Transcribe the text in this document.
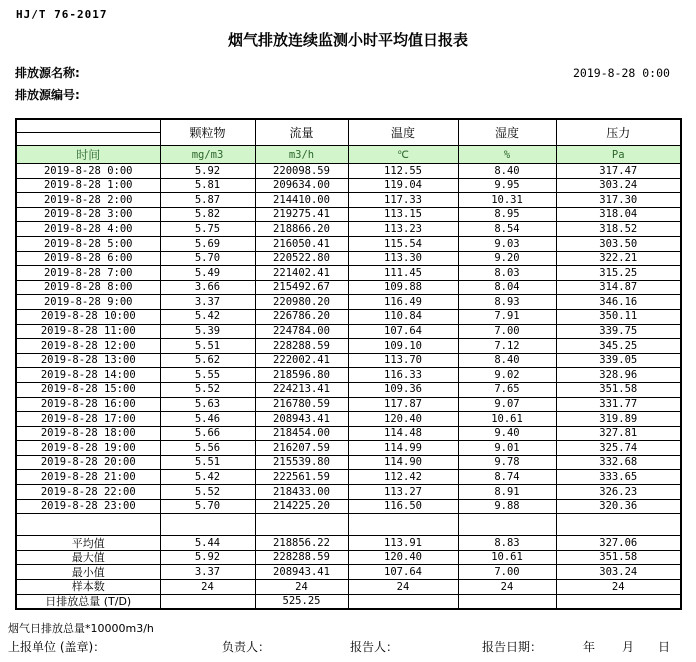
HJ/T 76-2017
烟气排放连续监测小时平均值日报表
排放源名称:	2019-8-28 0:00
排放源编号:
	颗粒物	流量	温度	湿度	压力

时间	mg/m3	m3/h	℃	%	Pa
2019-8-28 0:00	5.92	220098.59	112.55	8.40	317.47
2019-8-28 1:00	5.81	209634.00	119.04	9.95	303.24
2019-8-28 2:00	5.87	214410.00	117.33	10.31	317.30
2019-8-28 3:00	5.82	219275.41	113.15	8.95	318.04
2019-8-28 4:00	5.75	218866.20	113.23	8.54	318.52
2019-8-28 5:00	5.69	216050.41	115.54	9.03	303.50
2019-8-28 6:00	5.70	220522.80	113.30	9.20	322.21
2019-8-28 7:00	5.49	221402.41	111.45	8.03	315.25
2019-8-28 8:00	3.66	215492.67	109.88	8.04	314.87
2019-8-28 9:00	3.37	220980.20	116.49	8.93	346.16
2019-8-28 10:00	5.42	226786.20	110.84	7.91	350.11
2019-8-28 11:00	5.39	224784.00	107.64	7.00	339.75
2019-8-28 12:00	5.51	228288.59	109.10	7.12	345.25
2019-8-28 13:00	5.62	222002.41	113.70	8.40	339.05
2019-8-28 14:00	5.55	218596.80	116.33	9.02	328.96
2019-8-28 15:00	5.52	224213.41	109.36	7.65	351.58
2019-8-28 16:00	5.63	216780.59	117.87	9.07	331.77
2019-8-28 17:00	5.46	208943.41	120.40	10.61	319.89
2019-8-28 18:00	5.66	218454.00	114.48	9.40	327.81
2019-8-28 19:00	5.56	216207.59	114.99	9.01	325.74
2019-8-28 20:00	5.51	215539.80	114.90	9.78	332.68
2019-8-28 21:00	5.42	222561.59	112.42	8.74	333.65
2019-8-28 22:00	5.52	218433.00	113.27	8.91	326.23
2019-8-28 23:00	5.70	214225.20	116.50	9.88	320.36

平均值	5.44	218856.22	113.91	8.83	327.06
最大值	5.92	228288.59	120.40	10.61	351.58
最小值	3.37	208943.41	107.64	7.00	303.24
样本数	24	24	24	24	24
日排放总量 (T/D)		525.25			
烟气日排放总量*10000m3/h
上报单位 (盖章)：	负责人：	报告人：	报告日期：	年 月 日
